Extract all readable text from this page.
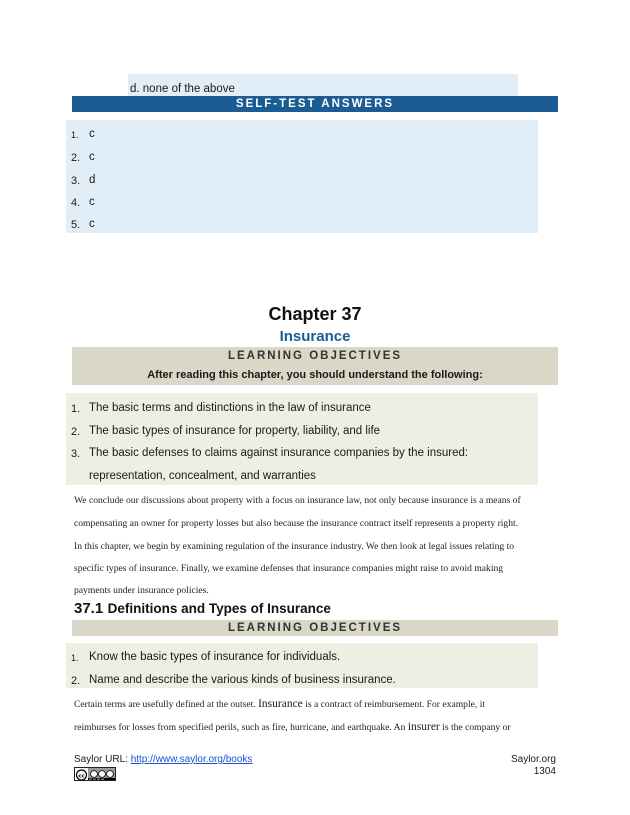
d. none of the above
SELF-TEST ANSWERS
1. c
2. c
3. d
4. c
5. c
Chapter 37
Insurance
LEARNING OBJECTIVES
After reading this chapter, you should understand the following:
1. The basic terms and distinctions in the law of insurance
2. The basic types of insurance for property, liability, and life
3. The basic defenses to claims against insurance companies by the insured:
representation, concealment, and warranties
We conclude our discussions about property with a focus on insurance law, not only because insurance is a means of
compensating an owner for property losses but also because the insurance contract itself represents a property right.
In this chapter, we begin by examining regulation of the insurance industry. We then look at legal issues relating to
specific types of insurance. Finally, we examine defenses that insurance companies might raise to avoid making
payments under insurance policies.
37.1 Definitions and Types of Insurance
LEARNING OBJECTIVES
1. Know the basic types of insurance for individuals.
2. Name and describe the various kinds of business insurance.
Certain terms are usefully defined at the outset. Insurance is a contract of reimbursement. For example, it
reimburses for losses from specified perils, such as fire, hurricane, and earthquake. An insurer is the company or
Saylor URL: http://www.saylor.org/books	Saylor.org
1304
cc cc by nc sa
